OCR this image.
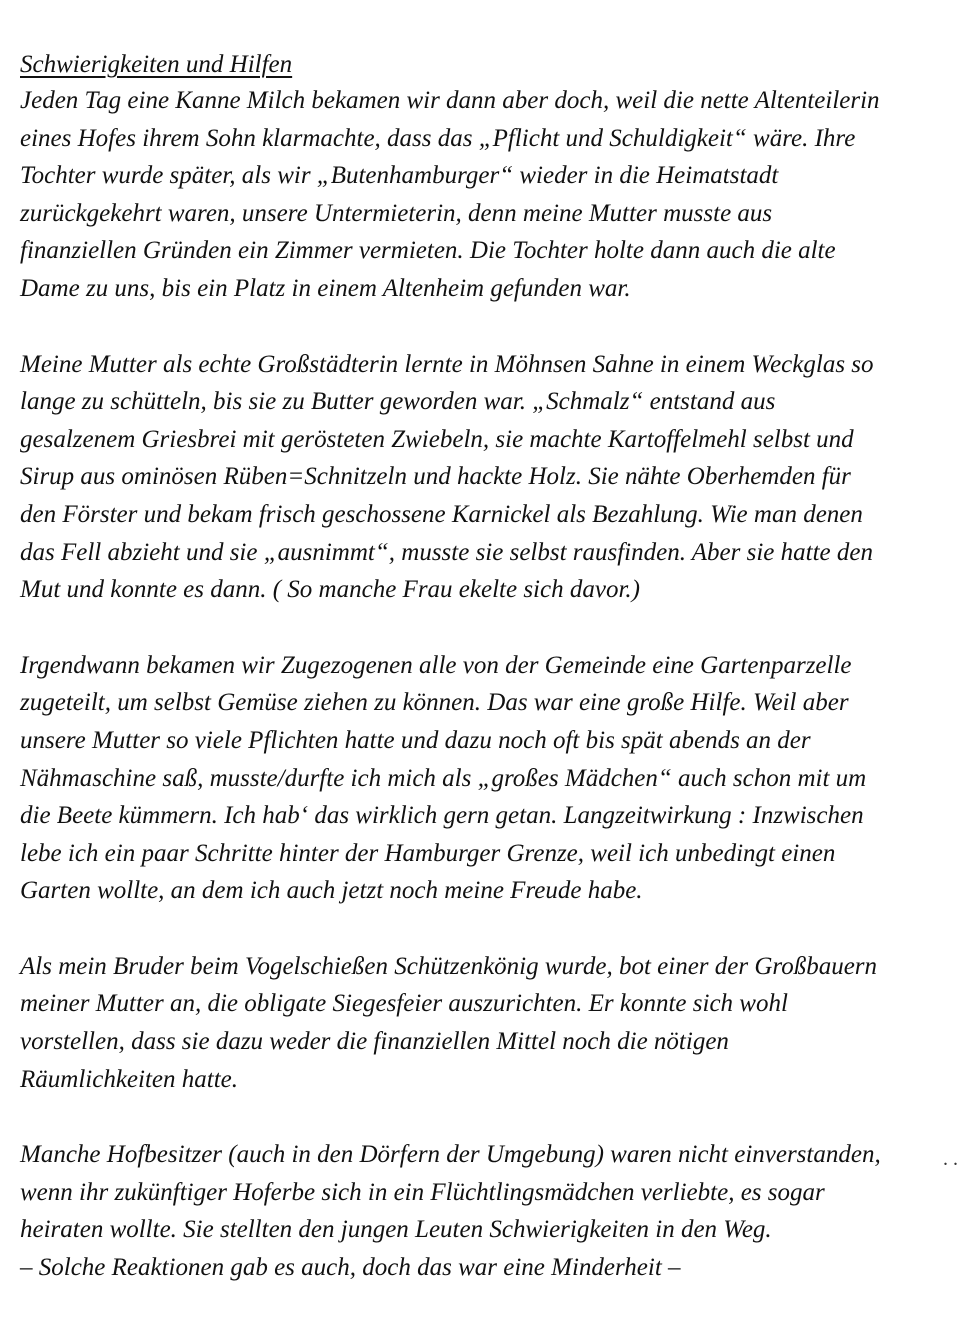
Schwierigkeiten und Hilfen
Jeden Tag eine Kanne Milch bekamen wir dann aber doch, weil die nette Altenteilerin
eines Hofes ihrem Sohn klarmachte, dass das „Pflicht und Schuldigkeit“ wäre. Ihre
Tochter wurde später, als wir „Butenhamburger“ wieder in die Heimatstadt
zurückgekehrt waren, unsere Untermieterin, denn meine Mutter musste aus
finanziellen Gründen ein Zimmer vermieten. Die Tochter holte dann auch die alte
Dame zu uns, bis ein Platz in einem Altenheim gefunden war.
Meine Mutter als echte Großstädterin lernte in Möhnsen Sahne in einem Weckglas so
lange zu schütteln, bis sie zu Butter geworden war. „Schmalz“ entstand aus
gesalzenem Griesbrei mit gerösteten Zwiebeln, sie machte Kartoffelmehl selbst und
Sirup aus ominösen Rüben=Schnitzeln und hackte Holz. Sie nähte Oberhemden für
den Förster und bekam frisch geschossene Karnickel als Bezahlung. Wie man denen
das Fell abzieht und sie „ausnimmt“, musste sie selbst rausfinden. Aber sie hatte den
Mut und konnte es dann. ( So manche Frau ekelte sich davor.)
Irgendwann bekamen wir Zugezogenen alle von der Gemeinde eine Gartenparzelle
zugeteilt, um selbst Gemüse ziehen zu können. Das war eine große Hilfe. Weil aber
unsere Mutter so viele Pflichten hatte und dazu noch oft bis spät abends an der
Nähmaschine saß, musste/durfte ich mich als „großes Mädchen“ auch schon mit um
die Beete kümmern. Ich hab‘ das wirklich gern getan. Langzeitwirkung : Inzwischen
lebe ich ein paar Schritte hinter der Hamburger Grenze, weil ich unbedingt einen
Garten wollte, an dem ich auch jetzt noch meine Freude habe.
Als mein Bruder beim Vogelschießen Schützenkönig wurde, bot einer der Großbauern
meiner Mutter an, die obligate Siegesfeier auszurichten. Er konnte sich wohl
vorstellen, dass sie dazu weder die finanziellen Mittel noch die nötigen
Räumlichkeiten hatte.
Manche Hofbesitzer (auch in den Dörfern der Umgebung) waren nicht einverstanden,
wenn ihr zukünftiger Hoferbe sich in ein Flüchtlingsmädchen verliebte, es sogar
heiraten wollte. Sie stellten den jungen Leuten Schwierigkeiten in den Weg.
– Solche Reaktionen gab es auch, doch das war eine Minderheit –
. .
